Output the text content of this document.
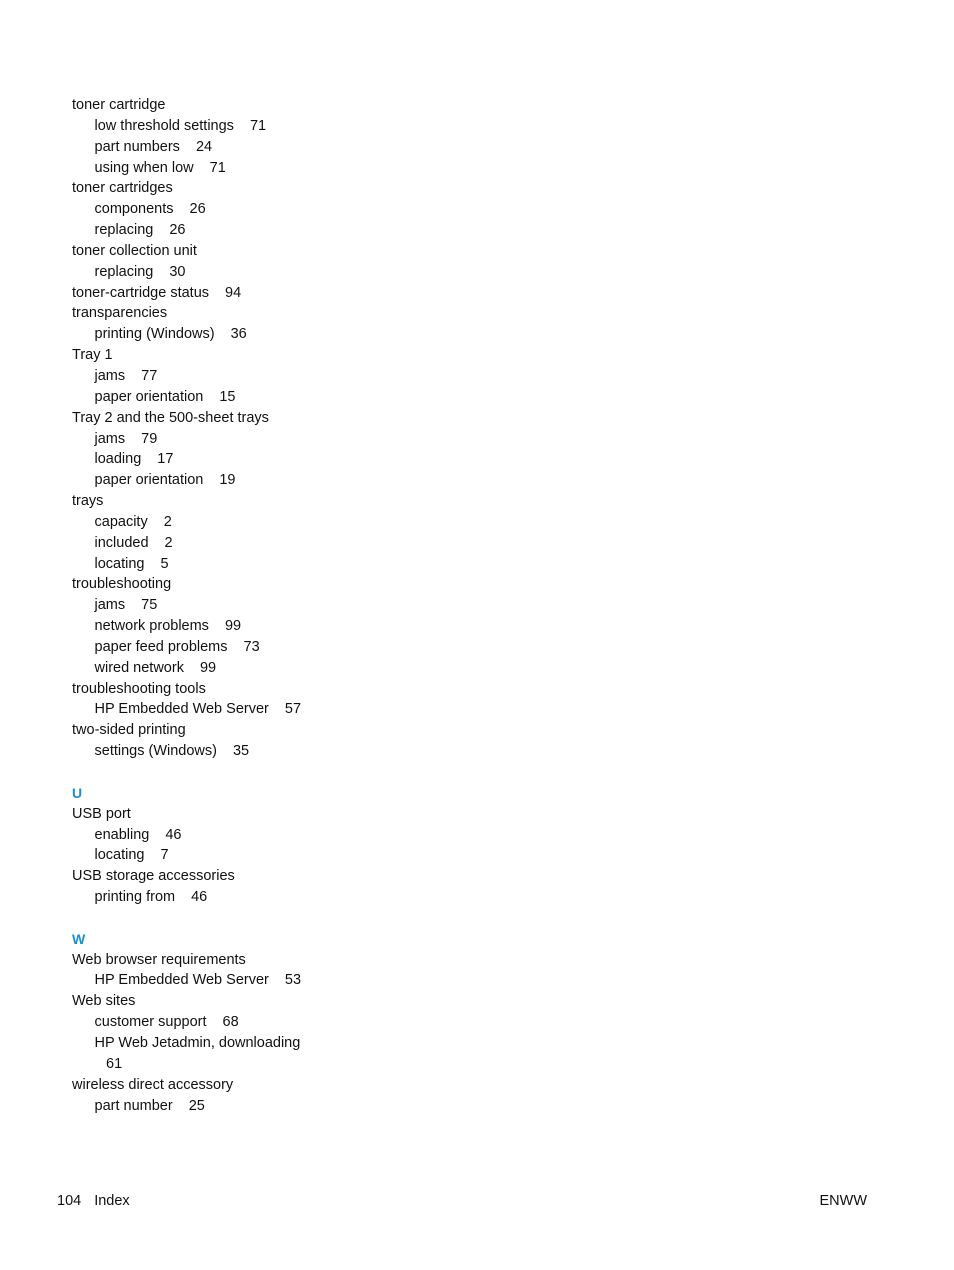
toner cartridge
low threshold settings 71
part numbers 24
using when low 71
toner cartridges
components 26
replacing 26
toner collection unit
replacing 30
toner-cartridge status 94
transparencies
printing (Windows) 36
Tray 1
jams 77
paper orientation 15
Tray 2 and the 500-sheet trays
jams 79
loading 17
paper orientation 19
trays
capacity 2
included 2
locating 5
troubleshooting
jams 75
network problems 99
paper feed problems 73
wired network 99
troubleshooting tools
HP Embedded Web Server 57
two-sided printing
settings (Windows) 35
U
USB port
enabling 46
locating 7
USB storage accessories
printing from 46
W
Web browser requirements
HP Embedded Web Server 53
Web sites
customer support 68
HP Web Jetadmin, downloading
61
wireless direct accessory
part number 25
104 Index	ENWW
